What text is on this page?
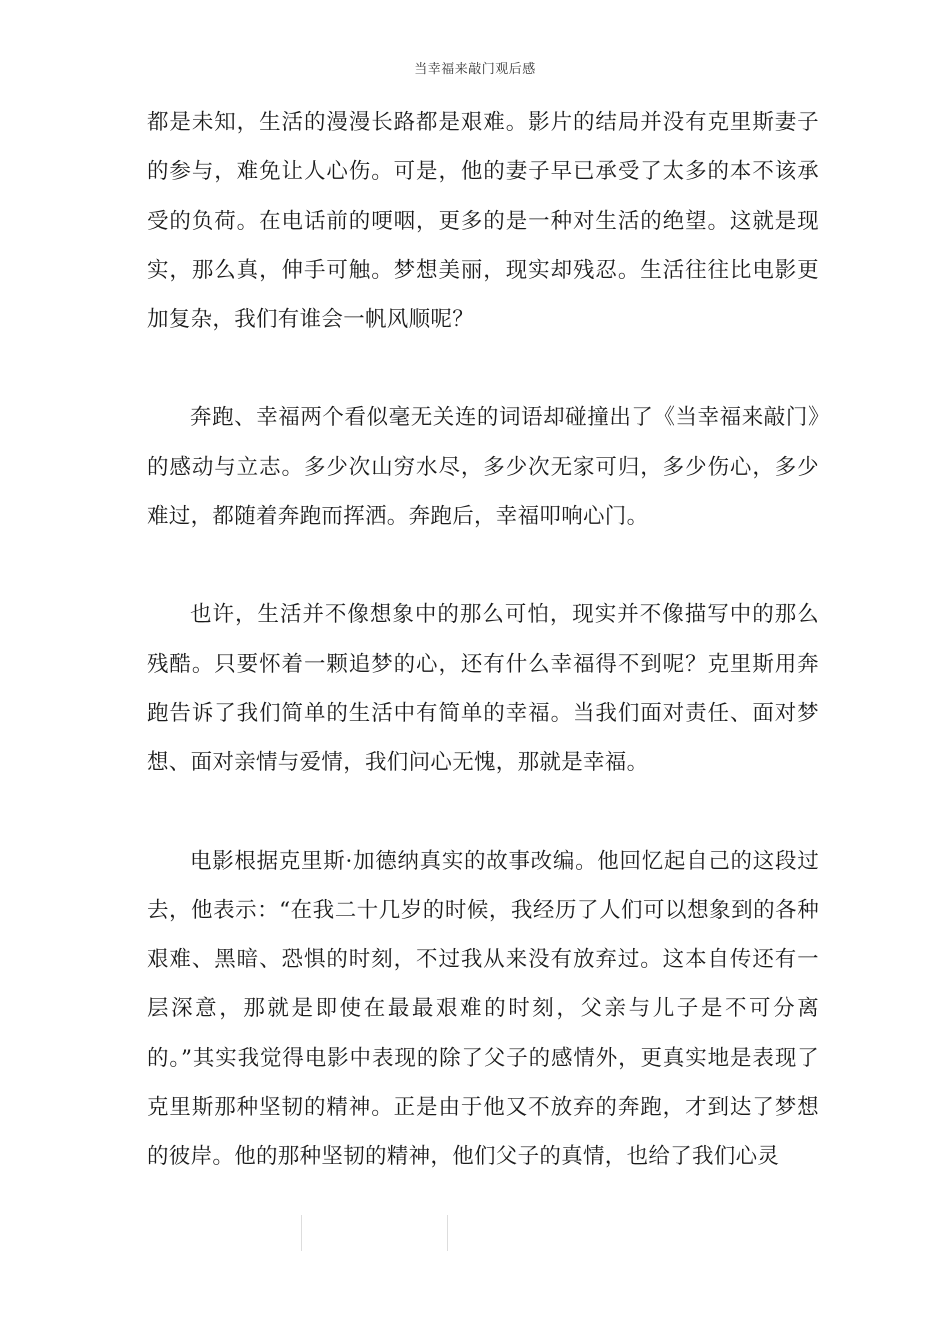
当幸福来敲门观后感

都是未知，生活的漫漫长路都是艰难。影片的结局并没有克里斯妻子的参与，难免让人心伤。可是，他的妻子早已承受了太多的本不该承受的负荷。在电话前的哽咽，更多的是一种对生活的绝望。这就是现实，那么真，伸手可触。梦想美丽，现实却残忍。生活往往比电影更加复杂，我们有谁会一帆风顺呢？

奔跑、幸福两个看似毫无关连的词语却碰撞出了《当幸福来敲门》的感动与立志。多少次山穷水尽，多少次无家可归，多少伤心，多少难过，都随着奔跑而挥洒。奔跑后，幸福叩响心门。

也许，生活并不像想象中的那么可怕，现实并不像描写中的那么残酷。只要怀着一颗追梦的心，还有什么幸福得不到呢？克里斯用奔跑告诉了我们简单的生活中有简单的幸福。当我们面对责任、面对梦想、面对亲情与爱情，我们问心无愧，那就是幸福。

电影根据克里斯·加德纳真实的故事改编。他回忆起自己的这段过去，他表示：“在我二十几岁的时候，我经历了人们可以想象到的各种艰难、黑暗、恐惧的时刻，不过我从来没有放弃过。这本自传还有一层深意，那就是即使在最最艰难的时刻，父亲与儿子是不可分离的。”其实我觉得电影中表现的除了父子的感情外，更真实地是表现了克里斯那种坚韧的精神。正是由于他又不放弃的奔跑，才到达了梦想的彼岸。他的那种坚韧的精神，他们父子的真情，也给了我们心灵
